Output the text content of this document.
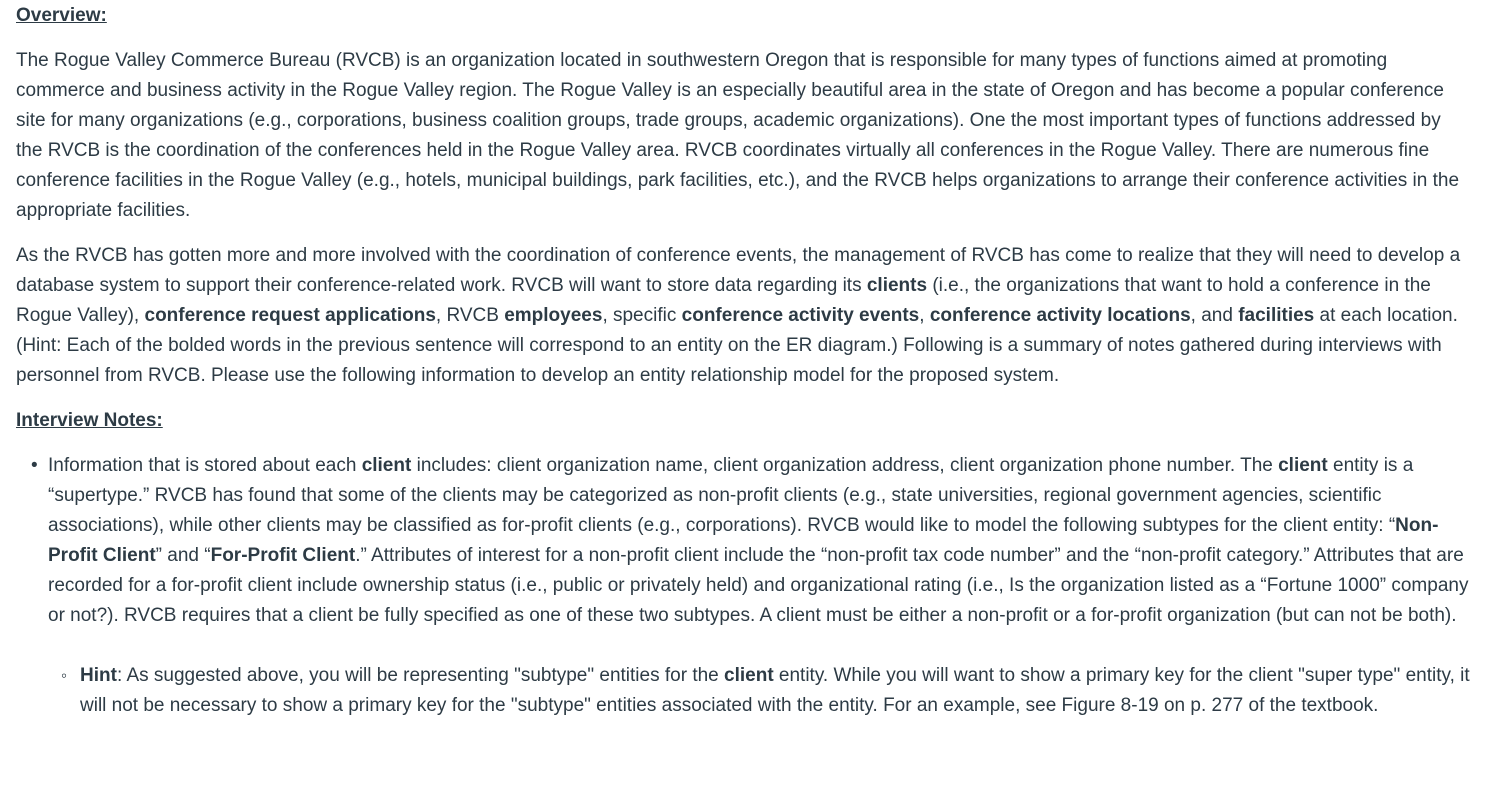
Overview:

The Rogue Valley Commerce Bureau (RVCB) is an organization located in southwestern Oregon that is responsible for many types of functions aimed at promoting commerce and business activity in the Rogue Valley region. The Rogue Valley is an especially beautiful area in the state of Oregon and has become a popular conference site for many organizations (e.g., corporations, business coalition groups, trade groups, academic organizations). One the most important types of functions addressed by the RVCB is the coordination of the conferences held in the Rogue Valley area. RVCB coordinates virtually all conferences in the Rogue Valley. There are numerous fine conference facilities in the Rogue Valley (e.g., hotels, municipal buildings, park facilities, etc.), and the RVCB helps organizations to arrange their conference activities in the appropriate facilities.

As the RVCB has gotten more and more involved with the coordination of conference events, the management of RVCB has come to realize that they will need to develop a database system to support their conference-related work. RVCB will want to store data regarding its clients (i.e., the organizations that want to hold a conference in the Rogue Valley), conference request applications, RVCB employees, specific conference activity events, conference activity locations, and facilities at each location. (Hint: Each of the bolded words in the previous sentence will correspond to an entity on the ER diagram.) Following is a summary of notes gathered during interviews with personnel from RVCB. Please use the following information to develop an entity relationship model for the proposed system.

Interview Notes:
• Information that is stored about each client includes: client organization name, client organization address, client organization phone number. The client entity is a “supertype.” RVCB has found that some of the clients may be categorized as non-profit clients (e.g., state universities, regional government agencies, scientific associations), while other clients may be classified as for-profit clients (e.g., corporations). RVCB would like to model the following subtypes for the client entity: “Non-Profit Client” and “For-Profit Client.” Attributes of interest for a non-profit client include the “non-profit tax code number” and the “non-profit category.” Attributes that are recorded for a for-profit client include ownership status (i.e., public or privately held) and organizational rating (i.e., Is the organization listed as a “Fortune 1000” company or not?). RVCB requires that a client be fully specified as one of these two subtypes. A client must be either a non-profit or a for-profit organization (but can not be both).
◦ Hint: As suggested above, you will be representing "subtype" entities for the client entity. While you will want to show a primary key for the client "super type" entity, it will not be necessary to show a primary key for the "subtype" entities associated with the entity. For an example, see Figure 8-19 on p. 277 of the textbook.
